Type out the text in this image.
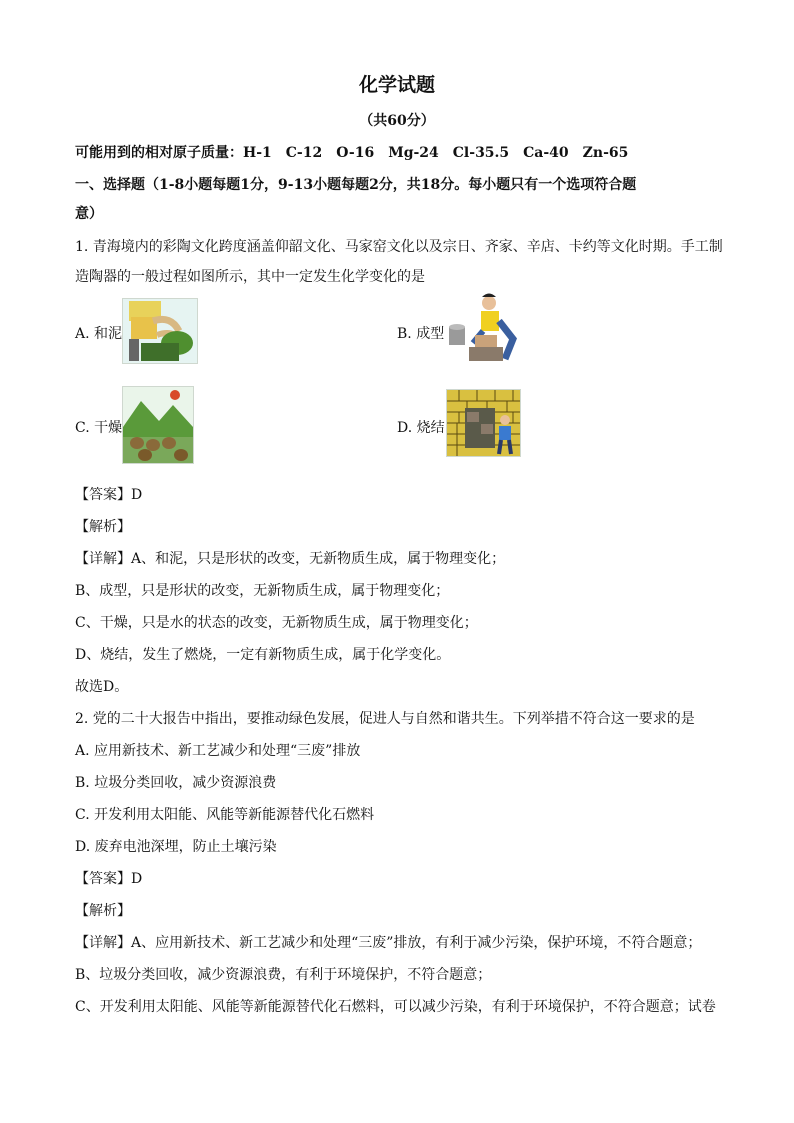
化学试题
（共60分）
可能用到的相对原子质量：H-1　C-12　O-16　Mg-24　Cl-35.5　Ca-40　Zn-65
一、选择题（1-8小题每题1分，9-13小题每题2分，共18分。每小题只有一个选项符合题
意）
1. 青海境内的彩陶文化跨度涵盖仰韶文化、马家窑文化以及宗日、齐家、辛店、卡约等文化时期。手工制
造陶器的一般过程如图所示，其中一定发生化学变化的是
A. 和泥	B. 成型
C. 干燥	D. 烧结
【答案】D
【解析】
【详解】A、和泥，只是形状的改变，无新物质生成，属于物理变化；
B、成型，只是形状的改变，无新物质生成，属于物理变化；
C、干燥，只是水的状态的改变，无新物质生成，属于物理变化；
D、烧结，发生了燃烧，一定有新物质生成，属于化学变化。
故选D。
2. 党的二十大报告中指出，要推动绿色发展，促进人与自然和谐共生。下列举措不符合这一要求的是
A. 应用新技术、新工艺减少和处理“三废”排放
B. 垃圾分类回收，减少资源浪费
C. 开发利用太阳能、风能等新能源替代化石燃料
D. 废弃电池深埋，防止土壤污染
【答案】D
【解析】
【详解】A、应用新技术、新工艺减少和处理“三废”排放，有利于减少污染，保护环境，不符合题意；
B、垃圾分类回收，减少资源浪费，有利于环境保护，不符合题意；
C、开发利用太阳能、风能等新能源替代化石燃料，可以减少污染，有利于环境保护，不符合题意；试卷
